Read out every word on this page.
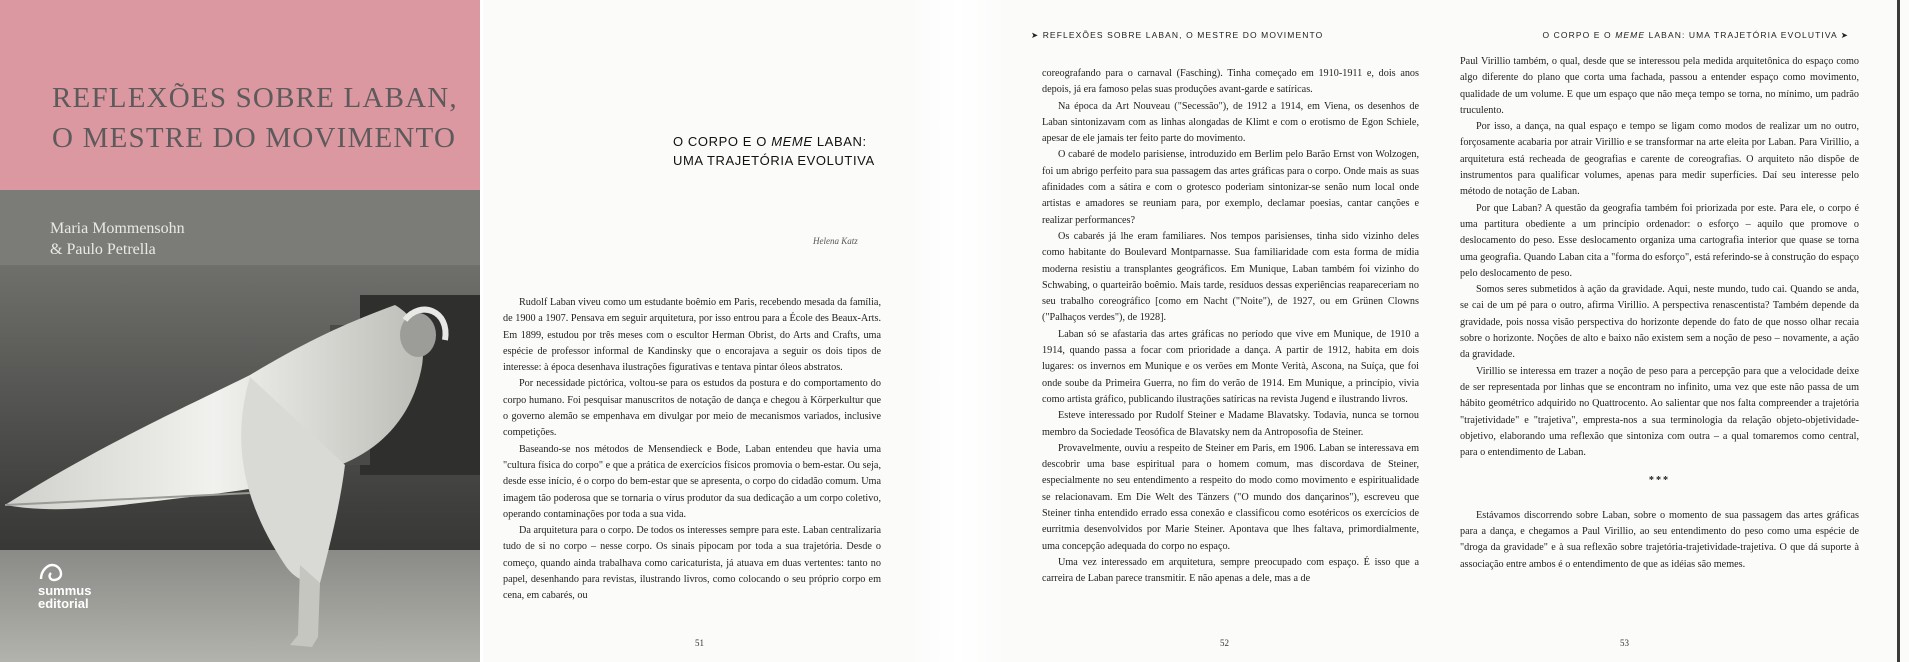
REFLEXÕES SOBRE LABAN,
O MESTRE DO MOVIMENTO
Maria Mommensohn
& Paulo Petrella
summus
editorial
O CORPO E O MEME LABAN:
UMA TRAJETÓRIA EVOLUTIVA
Helena Katz

Rudolf Laban viveu como um estudante boêmio em Paris, recebendo mesada da família, de 1900 a 1907. Pensava em seguir arquitetura, por isso entrou para a École des Beaux-Arts. Em 1899, estudou por três meses com o escultor Herman Obrist, do Arts and Crafts, uma espécie de professor informal de Kandinsky que o encorajava a seguir os dois tipos de interesse: à época desenhava ilustrações figurativas e tentava pintar óleos abstratos.

Por necessidade pictórica, voltou-se para os estudos da postura e do comportamento do corpo humano. Foi pesquisar manuscritos de notação de dança e chegou à Körperkultur que o governo alemão se empenhava em divulgar por meio de mecanismos variados, inclusive competições.

Baseando-se nos métodos de Mensendieck e Bode, Laban entendeu que havia uma "cultura física do corpo" e que a prática de exercícios físicos promovia o bem-estar. Ou seja, desde esse início, é o corpo do bem-estar que se apresenta, o corpo do cidadão comum. Uma imagem tão poderosa que se tornaria o vírus produtor da sua dedicação a um corpo coletivo, operando contaminações por toda a sua vida.

Da arquitetura para o corpo. De todos os interesses sempre para este. Laban centralizaria tudo de si no corpo – nesse corpo. Os sinais pipocam por toda a sua trajetória. Desde o começo, quando ainda trabalhava como caricaturista, já atuava em duas vertentes: tanto no papel, desenhando para revistas, ilustrando livros, como colocando o seu próprio corpo em cena, em cabarés, ou

51
➤ REFLEXÕES SOBRE LABAN, O MESTRE DO MOVIMENTO

coreografando para o carnaval (Fasching). Tinha começado em 1910-1911 e, dois anos depois, já era famoso pelas suas produções avant-garde e satíricas.

Na época da Art Nouveau ("Secessão"), de 1912 a 1914, em Viena, os desenhos de Laban sintonizavam com as linhas alongadas de Klimt e com o erotismo de Egon Schiele, apesar de ele jamais ter feito parte do movimento.

O cabaré de modelo parisiense, introduzido em Berlim pelo Barão Ernst von Wolzogen, foi um abrigo perfeito para sua passagem das artes gráficas para o corpo. Onde mais as suas afinidades com a sátira e com o grotesco poderiam sintonizar-se senão num local onde artistas e amadores se reuniam para, por exemplo, declamar poesias, cantar canções e realizar performances?

Os cabarés já lhe eram familiares. Nos tempos parisienses, tinha sido vizinho deles como habitante do Boulevard Montparnasse. Sua familiaridade com esta forma de mídia moderna resistiu a transplantes geográficos. Em Munique, Laban também foi vizinho do Schwabing, o quarteirão boêmio. Mais tarde, resíduos dessas experiências reapareceriam no seu trabalho coreográfico [como em Nacht ("Noite"), de 1927, ou em Grünen Clowns ("Palhaços verdes"), de 1928].

Laban só se afastaria das artes gráficas no período que vive em Munique, de 1910 a 1914, quando passa a focar com prioridade a dança. A partir de 1912, habita em dois lugares: os invernos em Munique e os verões em Monte Verità, Ascona, na Suíça, que foi onde soube da Primeira Guerra, no fim do verão de 1914. Em Munique, a princípio, vivia como artista gráfico, publicando ilustrações satíricas na revista Jugend e ilustrando livros.

Esteve interessado por Rudolf Steiner e Madame Blavatsky. Todavia, nunca se tornou membro da Sociedade Teosófica de Blavatsky nem da Antroposofia de Steiner.

Provavelmente, ouviu a respeito de Steiner em Paris, em 1906. Laban se interessava em descobrir uma base espiritual para o homem comum, mas discordava de Steiner, especialmente no seu entendimento a respeito do modo como movimento e espiritualidade se relacionavam. Em Die Welt des Tänzers ("O mundo dos dançarinos"), escreveu que Steiner tinha entendido errado essa conexão e classificou como esotéricos os exercícios de eurritmia desenvolvidos por Marie Steiner. Apontava que lhes faltava, primordialmente, uma concepção adequada do corpo no espaço.

Uma vez interessado em arquitetura, sempre preocupado com espaço. É isso que a carreira de Laban parece transmitir. E não apenas a dele, mas a de

52
O CORPO E O MEME LABAN: UMA TRAJETÓRIA EVOLUTIVA ➤

Paul Virillio também, o qual, desde que se interessou pela medida arquitetônica do espaço como algo diferente do plano que corta uma fachada, passou a entender espaço como movimento, qualidade de um volume. E que um espaço que não meça tempo se torna, no mínimo, um padrão truculento.

Por isso, a dança, na qual espaço e tempo se ligam como modos de realizar um no outro, forçosamente acabaria por atrair Virillio e se transformar na arte eleita por Laban. Para Virillio, a arquitetura está recheada de geografias e carente de coreografias. O arquiteto não dispõe de instrumentos para qualificar volumes, apenas para medir superfícies. Daí seu interesse pelo método de notação de Laban.

Por que Laban? A questão da geografia também foi priorizada por este. Para ele, o corpo é uma partitura obediente a um princípio ordenador: o esforço – aquilo que promove o deslocamento do peso. Esse deslocamento organiza uma cartografia interior que quase se torna uma geografia. Quando Laban cita a "forma do esforço", está referindo-se à construção do espaço pelo deslocamento de peso.

Somos seres submetidos à ação da gravidade. Aqui, neste mundo, tudo cai. Quando se anda, se cai de um pé para o outro, afirma Virillio. A perspectiva renascentista? Também depende da gravidade, pois nossa visão perspectiva do horizonte depende do fato de que nosso olhar recaia sobre o horizonte. Noções de alto e baixo não existem sem a noção de peso – novamente, a ação da gravidade.

Virillio se interessa em trazer a noção de peso para a percepção para que a velocidade deixe de ser representada por linhas que se encontram no infinito, uma vez que este não passa de um hábito geométrico adquirido no Quattrocento. Ao salientar que nos falta compreender a trajetória "trajetividade" e "trajetiva", empresta-nos a sua terminologia da relação objeto-objetividade-objetivo, elaborando uma reflexão que sintoniza com outra – a qual tomaremos como central, para o entendimento de Laban.

***

Estávamos discorrendo sobre Laban, sobre o momento de sua passagem das artes gráficas para a dança, e chegamos a Paul Virillio, ao seu entendimento do peso como uma espécie de "droga da gravidade" e à sua reflexão sobre trajetória-trajetividade-trajetiva. O que dá suporte à associação entre ambos é o entendimento de que as idéias são memes.

53
